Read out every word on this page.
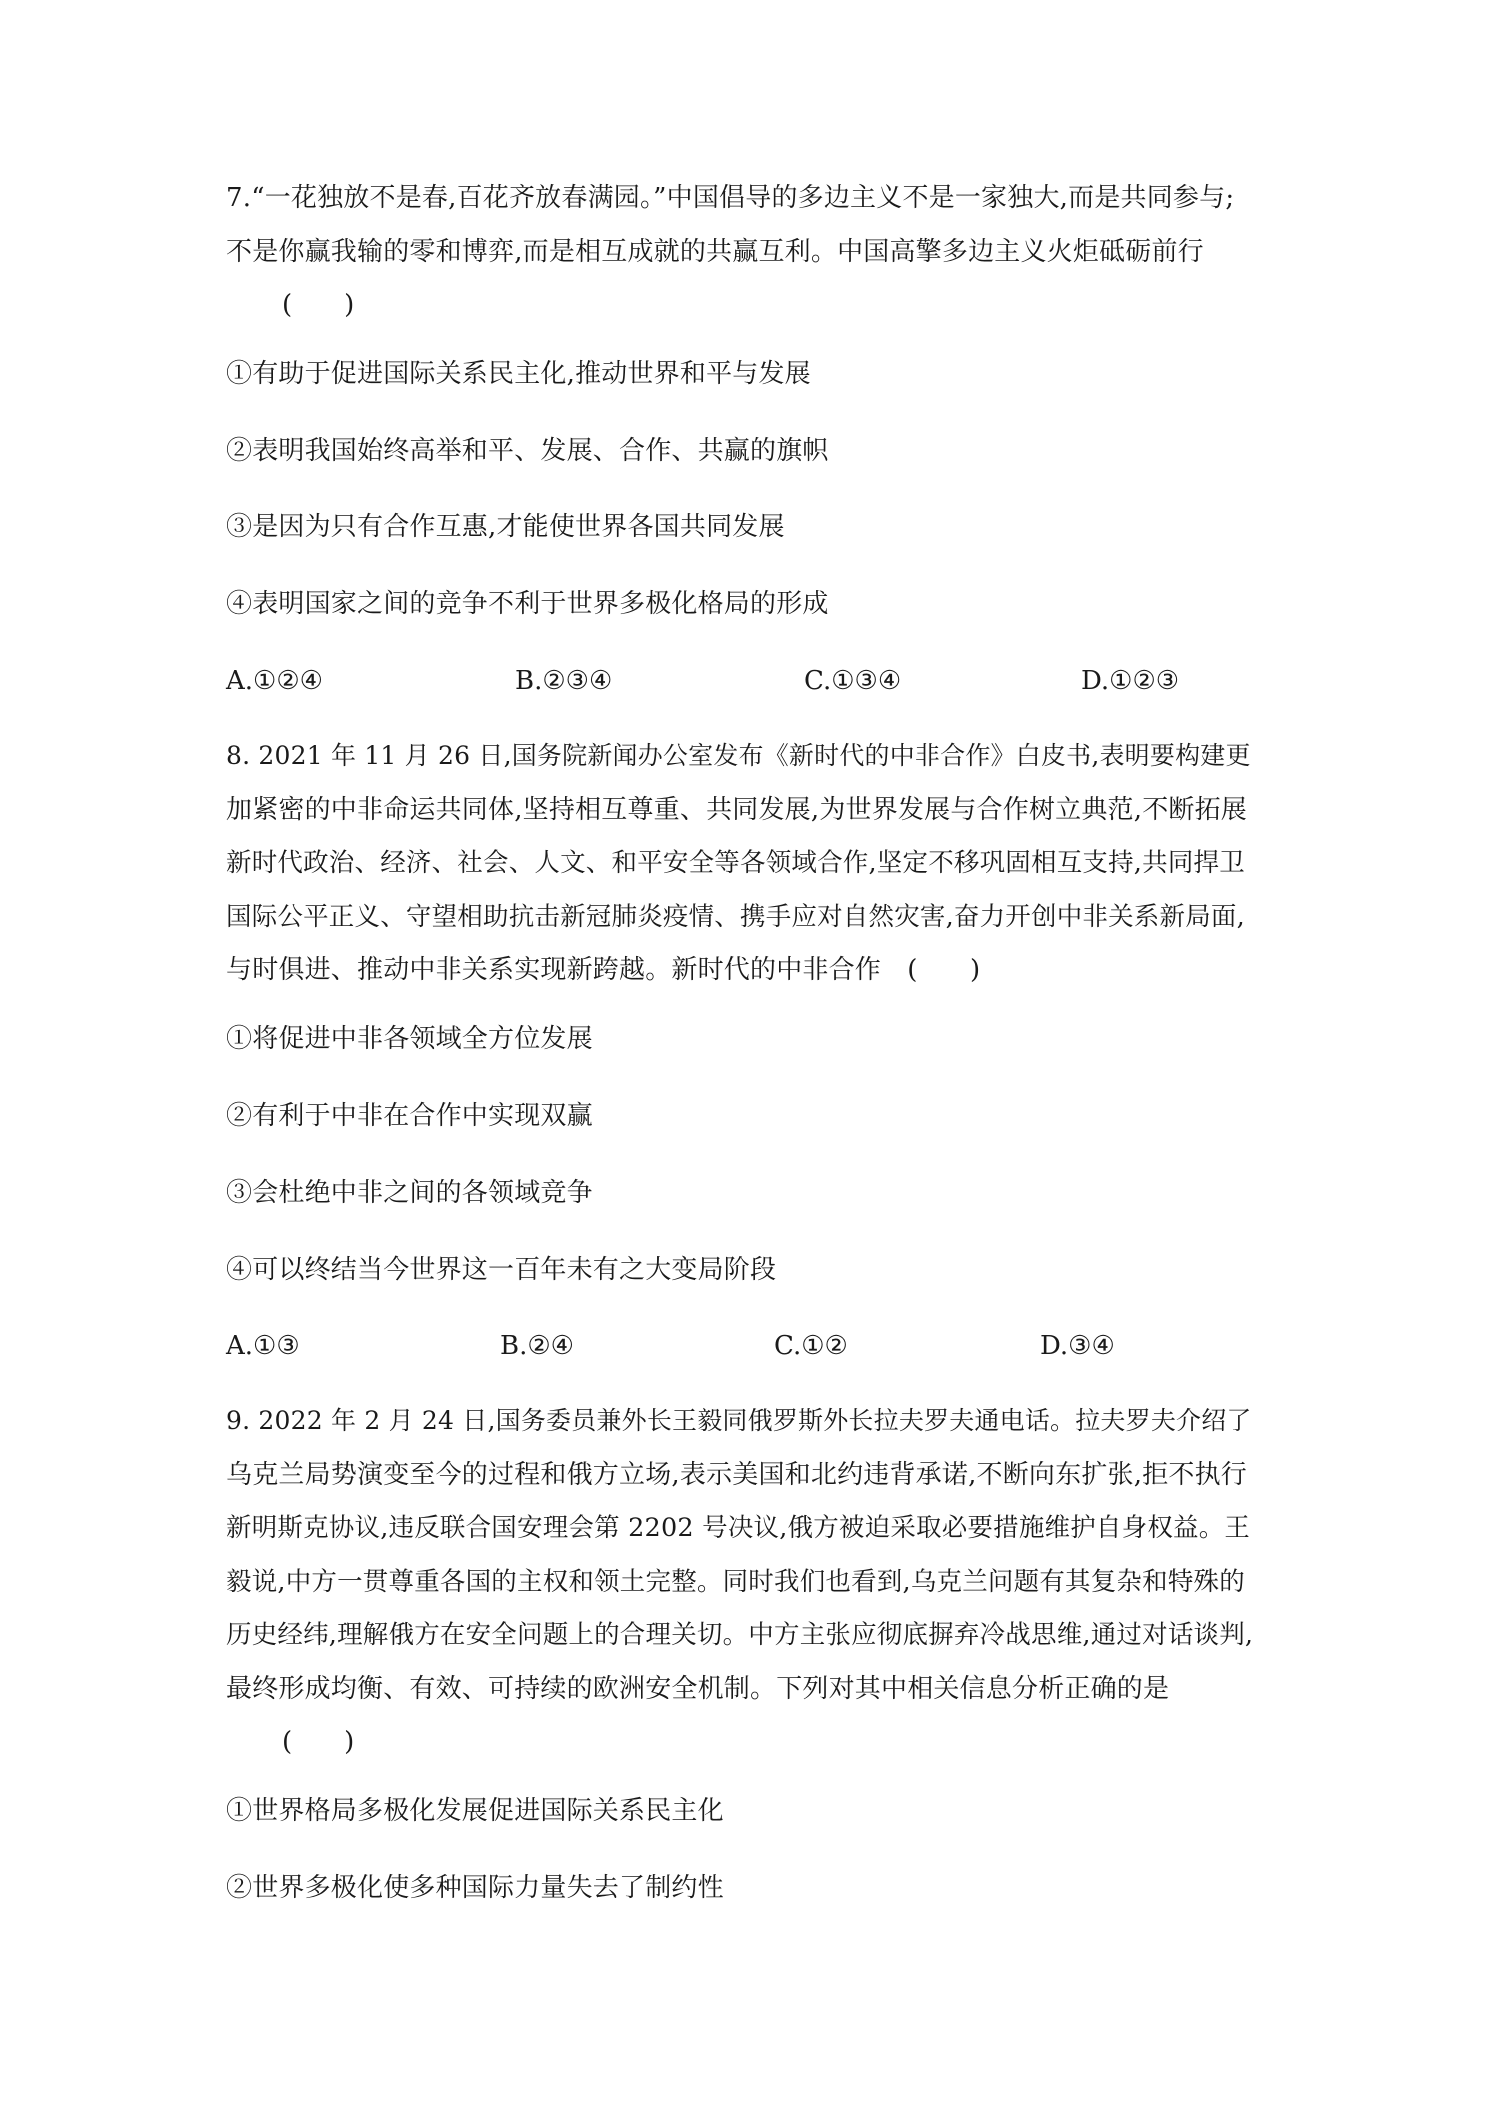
7.“一花独放不是春,百花齐放春满园。”中国倡导的多边主义不是一家独大,而是共同参与;
不是你赢我输的零和博弈,而是相互成就的共赢互利。中国高擎多边主义火炬砥砺前行
(　　)
①有助于促进国际关系民主化,推动世界和平与发展
②表明我国始终高举和平、发展、合作、共赢的旗帜
③是因为只有合作互惠,才能使世界各国共同发展
④表明国家之间的竞争不利于世界多极化格局的形成
A.①②④	B.②③④	C.①③④	D.①②③
8. 2021 年 11 月 26 日,国务院新闻办公室发布《新时代的中非合作》白皮书,表明要构建更
加紧密的中非命运共同体,坚持相互尊重、共同发展,为世界发展与合作树立典范,不断拓展
新时代政治、经济、社会、人文、和平安全等各领域合作,坚定不移巩固相互支持,共同捍卫
国际公平正义、守望相助抗击新冠肺炎疫情、携手应对自然灾害,奋力开创中非关系新局面,
与时俱进、推动中非关系实现新跨越。新时代的中非合作　(　　)
①将促进中非各领域全方位发展
②有利于中非在合作中实现双赢
③会杜绝中非之间的各领域竞争
④可以终结当今世界这一百年未有之大变局阶段
A.①③	B.②④	C.①②	D.③④
9. 2022 年 2 月 24 日,国务委员兼外长王毅同俄罗斯外长拉夫罗夫通电话。拉夫罗夫介绍了
乌克兰局势演变至今的过程和俄方立场,表示美国和北约违背承诺,不断向东扩张,拒不执行
新明斯克协议,违反联合国安理会第 2202 号决议,俄方被迫采取必要措施维护自身权益。王
毅说,中方一贯尊重各国的主权和领土完整。同时我们也看到,乌克兰问题有其复杂和特殊的
历史经纬,理解俄方在安全问题上的合理关切。中方主张应彻底摒弃冷战思维,通过对话谈判,
最终形成均衡、有效、可持续的欧洲安全机制。下列对其中相关信息分析正确的是
(　　)
①世界格局多极化发展促进国际关系民主化
②世界多极化使多种国际力量失去了制约性
